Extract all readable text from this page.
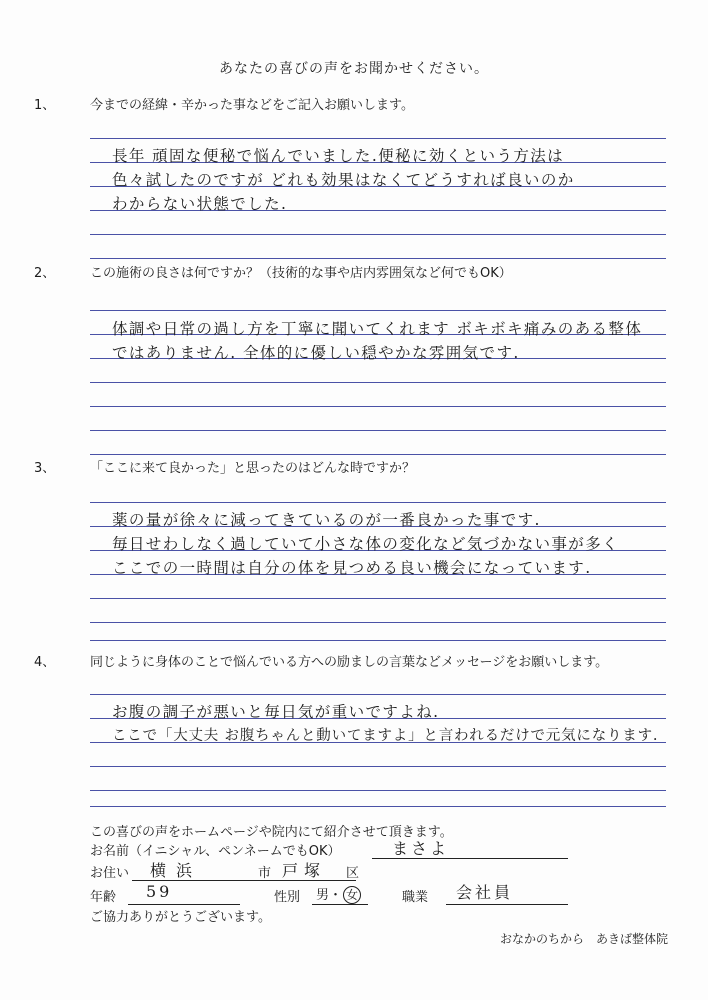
あなたの喜びの声をお聞かせください。
1、	今までの経緯・辛かった事などをご記入お願いします。
長年 頑固な便秘で悩んでいました.便秘に効くという方法は
色々試したのですが どれも効果はなくてどうすれば良いのか
わからない状態でした.
2、	この施術の良さは何ですか？（技術的な事や店内雰囲気など何でもOK）
体調や日常の過し方を丁寧に聞いてくれます ボキボキ痛みのある整体
ではありません. 全体的に優しい穏やかな雰囲気です.
3、	「ここに来て良かった」と思ったのはどんな時ですか？
薬の量が徐々に減ってきているのが一番良かった事です.
毎日せわしなく過していて小さな体の変化など気づかない事が多く
ここでの一時間は自分の体を見つめる良い機会になっています.
4、	同じように身体のことで悩んでいる方への励ましの言葉などメッセージをお願いします。
お腹の調子が悪いと毎日気が重いですよね.
ここで「大丈夫 お腹ちゃんと動いてますよ」と言われるだけで元気になります.
この喜びの声をホームページや院内にて紹介させて頂きます。
お名前（イニシャル、ペンネームでもOK）	まさよ
お住い 横浜	市 戸塚 区
年齢 59	性別 男・ 女	職業 会社員
ご協力ありがとうございます。
おなかのちから　あきば整体院
